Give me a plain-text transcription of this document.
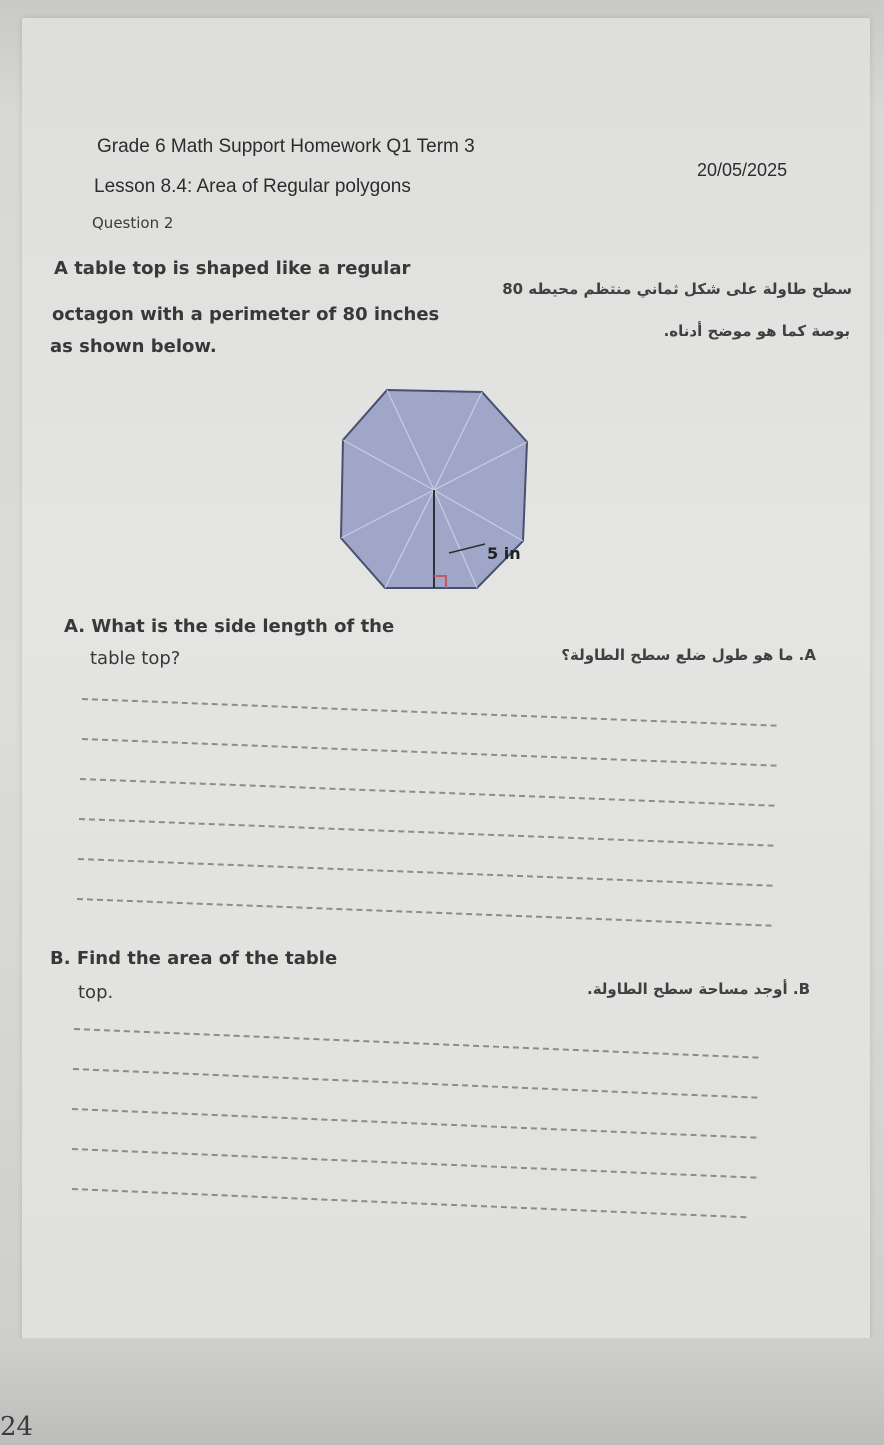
Grade 6 Math Support Homework Q1 Term 3
20/05/2025
Lesson 8.4: Area of Regular polygons
Question 2
A table top is shaped like a regular
octagon with a perimeter of 80 inches
as shown below.
سطح طاولة على شكل ثماني منتظم محيطه 80
بوصة كما هو موضح أدناه.
5 in
A. What is the side length of the
table top?	A. ما هو طول ضلع سطح الطاولة؟
B. Find the area of the table
top.	B. أوجد مساحة سطح الطاولة.
24
